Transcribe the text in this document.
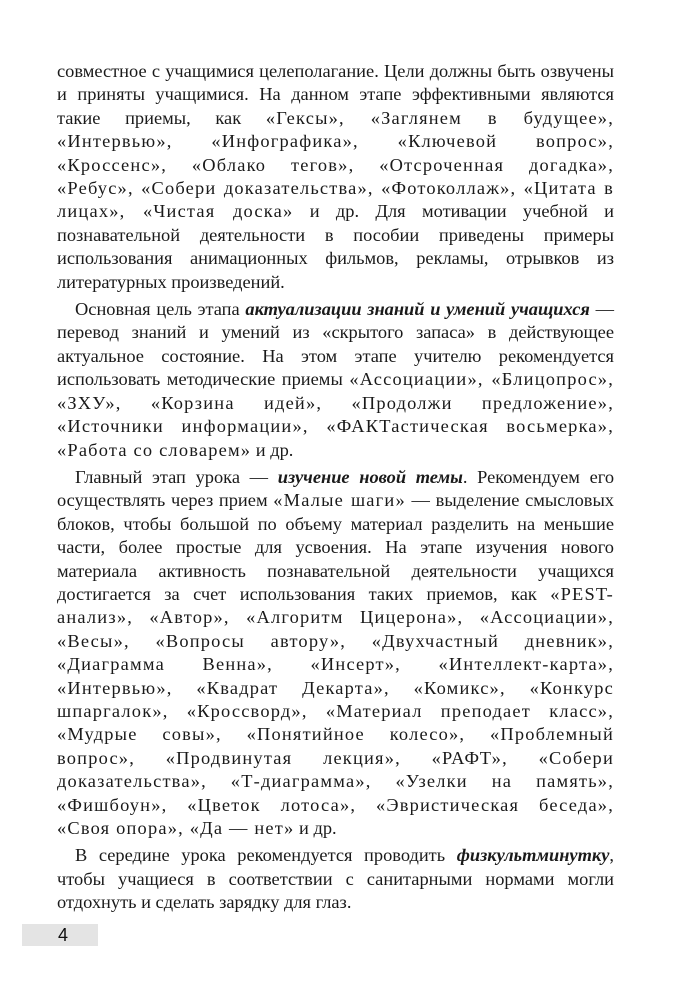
совместное с учащимися целеполагание. Цели должны быть озвучены и приняты учащимися. На данном этапе эффективными являются такие приемы, как «Гексы», «Заглянем в будущее», «Интервью», «Инфографика», «Ключевой вопрос», «Кроссенс», «Облако тегов», «Отсроченная догадка», «Ребус», «Собери доказательства», «Фотоколлаж», «Цитата в лицах», «Чистая доска» и др. Для мотивации учебной и познавательной деятельности в пособии приведены примеры использования анимационных фильмов, рекламы, отрывков из литературных произведений.

Основная цель этапа актуализации знаний и умений учащихся — перевод знаний и умений из «скрытого запаса» в действующее актуальное состояние. На этом этапе учителю рекомендуется использовать методические приемы «Ассоциации», «Блицопрос», «ЗХУ», «Корзина идей», «Продолжи предложение», «Источники информации», «ФАКТастическая восьмерка», «Работа со словарем» и др.

Главный этап урока — изучение новой темы. Рекомендуем его осуществлять через прием «Малые шаги» — выделение смысловых блоков, чтобы большой по объему материал разделить на меньшие части, более простые для усвоения. На этапе изучения нового материала активность познавательной деятельности учащихся достигается за счет использования таких приемов, как «PEST-анализ», «Автор», «Алгоритм Цицерона», «Ассоциации», «Весы», «Вопросы автору», «Двухчастный дневник», «Диаграмма Венна», «Инсерт», «Интеллект-карта», «Интервью», «Квадрат Декарта», «Комикс», «Конкурс шпаргалок», «Кроссворд», «Материал преподает класс», «Мудрые совы», «Понятийное колесо», «Проблемный вопрос», «Продвинутая лекция», «РАФТ», «Собери доказательства», «Т-диаграмма», «Узелки на память», «Фишбоун», «Цветок лотоса», «Эвристическая беседа», «Своя опора», «Да — нет» и др.

В середине урока рекомендуется проводить физкультминутку, чтобы учащиеся в соответствии с санитарными нормами могли отдохнуть и сделать зарядку для глаз.

4
